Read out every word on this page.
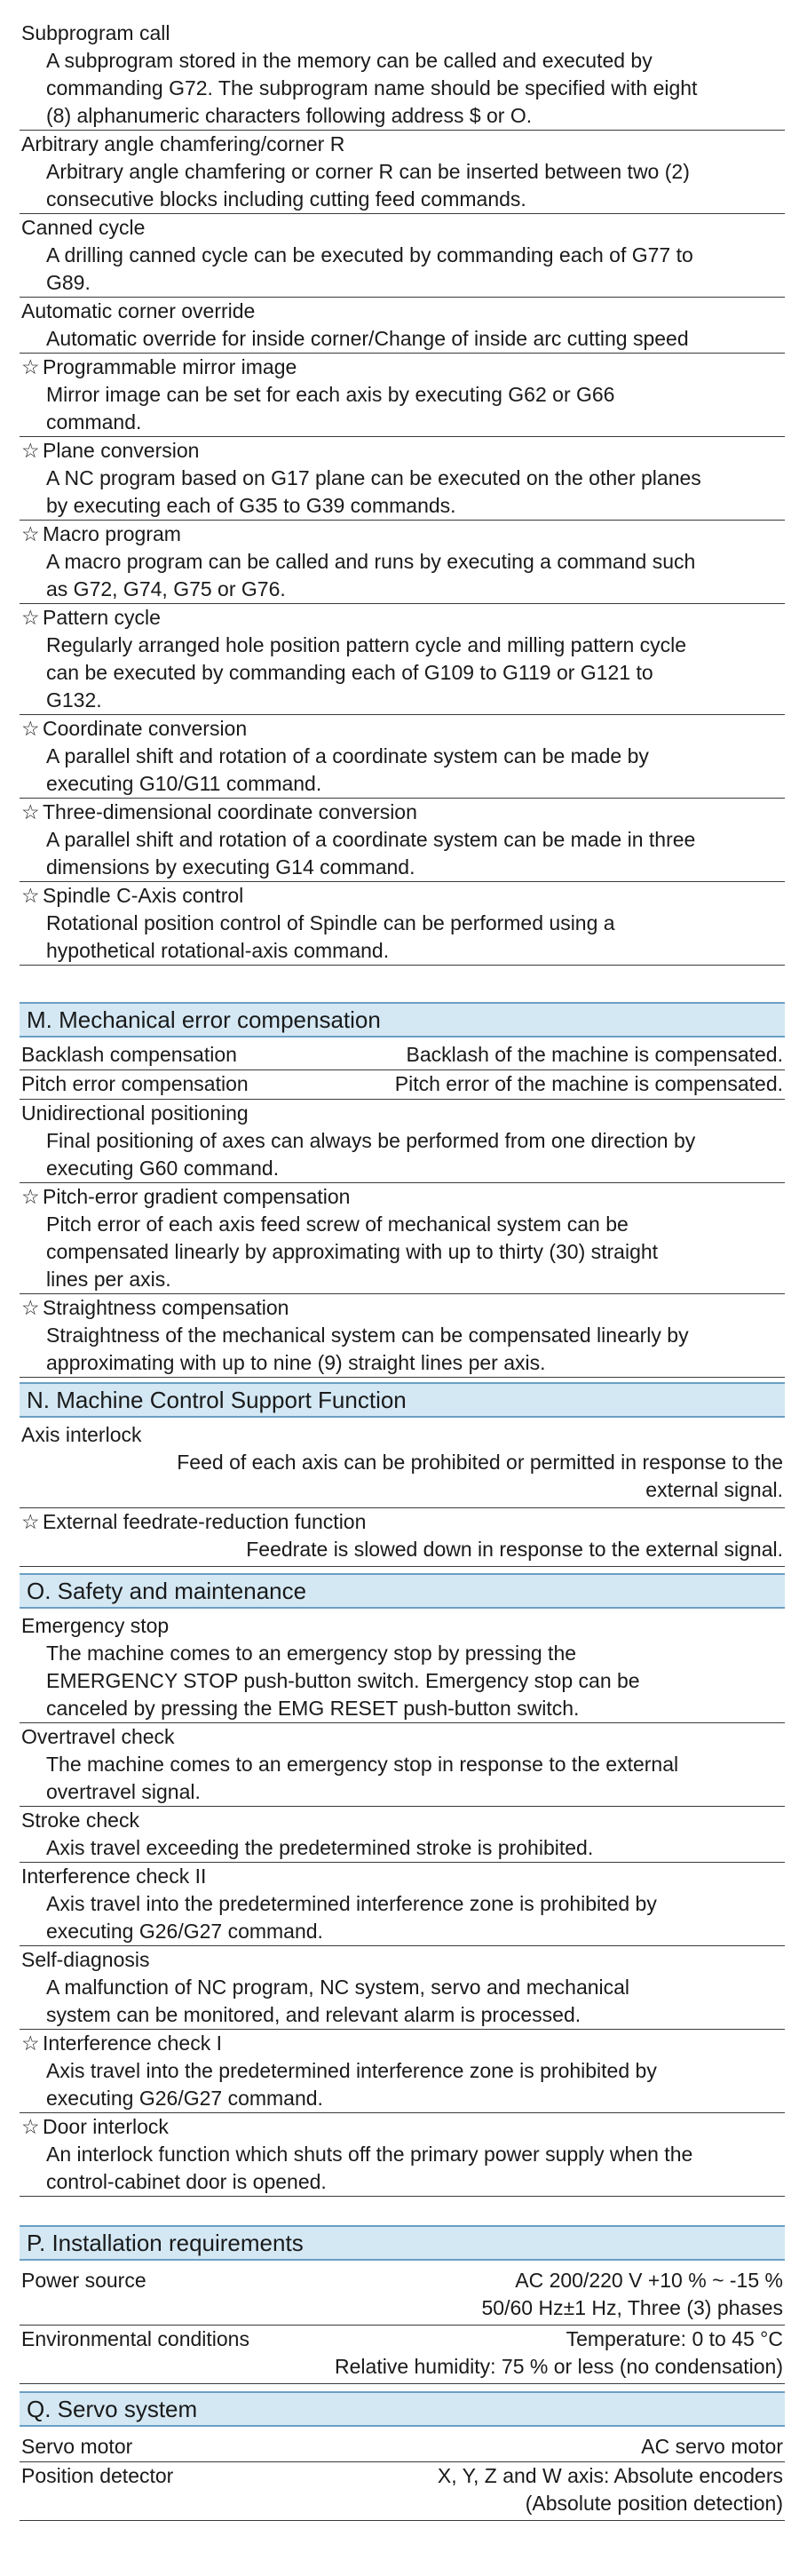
Subprogram call
A subprogram stored in the memory can be called and executed by
commanding G72. The subprogram name should be specified with eight
(8) alphanumeric characters following address $ or O.
Arbitrary angle chamfering/corner R
Arbitrary angle chamfering or corner R can be inserted between two (2)
consecutive blocks including cutting feed commands.
Canned cycle
A drilling canned cycle can be executed by commanding each of G77 to
G89.
Automatic corner override
Automatic override for inside corner/Change of inside arc cutting speed
☆ Programmable mirror image
Mirror image can be set for each axis by executing G62 or G66
command.
☆ Plane conversion
A NC program based on G17 plane can be executed on the other planes
by executing each of G35 to G39 commands.
☆ Macro program
A macro program can be called and runs by executing a command such
as G72, G74, G75 or G76.
☆ Pattern cycle
Regularly arranged hole position pattern cycle and milling pattern cycle
can be executed by commanding each of G109 to G119 or G121 to
G132.
☆ Coordinate conversion
A parallel shift and rotation of a coordinate system can be made by
executing G10/G11 command.
☆ Three-dimensional coordinate conversion
A parallel shift and rotation of a coordinate system can be made in three
dimensions by executing G14 command.
☆ Spindle C-Axis control
Rotational position control of Spindle can be performed using a
hypothetical rotational-axis command.
M. Mechanical error compensation
Backlash compensation	Backlash of the machine is compensated.
Pitch error compensation	Pitch error of the machine is compensated.
Unidirectional positioning
Final positioning of axes can always be performed from one direction by
executing G60 command.
☆ Pitch-error gradient compensation
Pitch error of each axis feed screw of mechanical system can be
compensated linearly by approximating with up to thirty (30) straight
lines per axis.
☆ Straightness compensation
Straightness of the mechanical system can be compensated linearly by
approximating with up to nine (9) straight lines per axis.
N. Machine Control Support Function
Axis interlock
Feed of each axis can be prohibited or permitted in response to the
external signal.
☆ External feedrate-reduction function
Feedrate is slowed down in response to the external signal.
O. Safety and maintenance
Emergency stop
The machine comes to an emergency stop by pressing the
EMERGENCY STOP push-button switch. Emergency stop can be
canceled by pressing the EMG RESET push-button switch.
Overtravel check
The machine comes to an emergency stop in response to the external
overtravel signal.
Stroke check
Axis travel exceeding the predetermined stroke is prohibited.
Interference check II
Axis travel into the predetermined interference zone is prohibited by
executing G26/G27 command.
Self-diagnosis
A malfunction of NC program, NC system, servo and mechanical
system can be monitored, and relevant alarm is processed.
☆ Interference check I
Axis travel into the predetermined interference zone is prohibited by
executing G26/G27 command.
☆ Door interlock
An interlock function which shuts off the primary power supply when the
control-cabinet door is opened.
P. Installation requirements
Power source	AC 200/220 V +10 % ~ -15 %
50/60 Hz±1 Hz, Three (3) phases
Environmental conditions	Temperature: 0 to 45 °C
Relative humidity: 75 % or less (no condensation)
Q. Servo system
Servo motor	AC servo motor
Position detector	X, Y, Z and W axis: Absolute encoders
(Absolute position detection)
